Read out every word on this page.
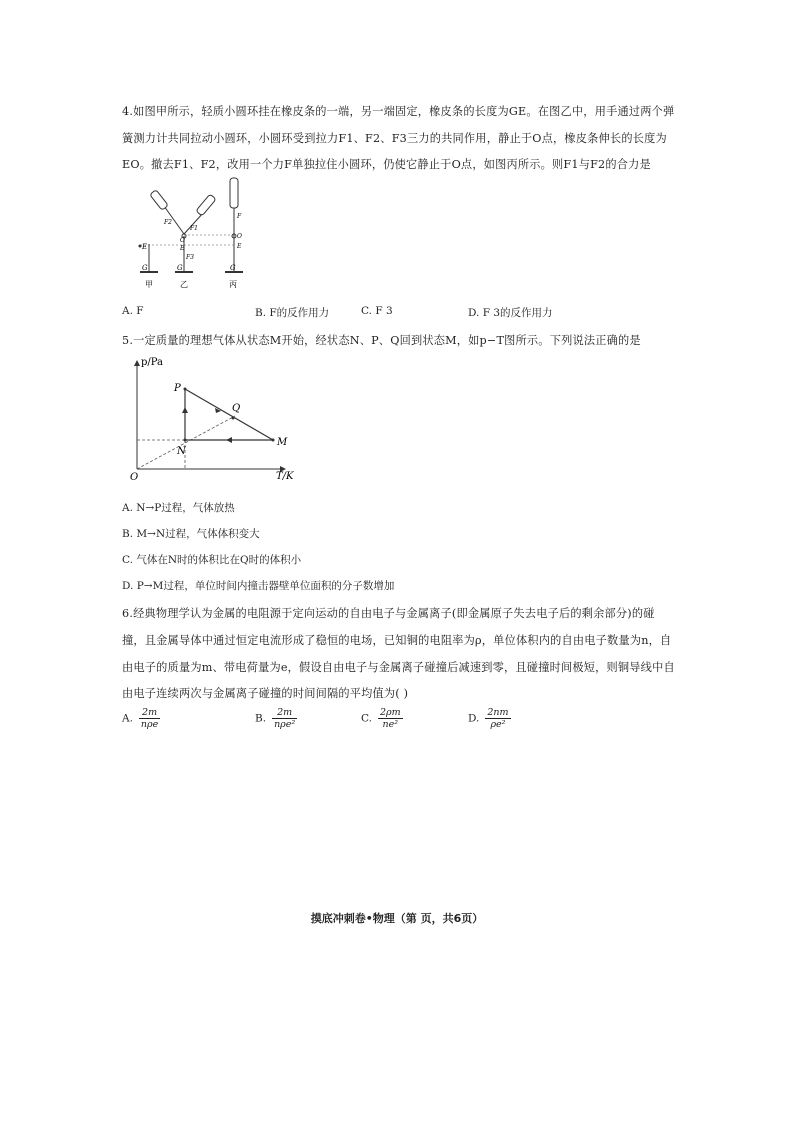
4.如图甲所示，轻质小圆环挂在橡皮条的一端，另一端固定，橡皮条的长度为GE。在图乙中，用手通过两个弹
簧测力计共同拉动小圆环，小圆环受到拉力F1、F2、F3三力的共同作用，静止于O点，橡皮条伸长的长度为
EO。撤去F1、F2，改用一个力F单独拉住小圆环，仍使它静止于O点，如图丙所示。则F1与F2的合力是
E
G
F2
F1
O
E
F3
G
F
O
E
G
甲	乙	丙
A. F	B. F的反作用力	C. F 3	D. F 3的反作用力
5.一定质量的理想气体从状态M开始，经状态N、P、Q回到状态M，如p−T图所示。下列说法正确的是
p/Pa
T/K
O
P
Q
M
N
A. N→P过程，气体放热
B. M→N过程，气体体积变大
C. 气体在N时的体积比在Q时的体积小
D. P→M过程，单位时间内撞击器壁单位面积的分子数增加
6.经典物理学认为金属的电阻源于定向运动的自由电子与金属离子(即金属原子失去电子后的剩余部分)的碰
撞，且金属导体中通过恒定电流形成了稳恒的电场，已知铜的电阻率为ρ，单位体积内的自由电子数量为n，自
由电子的质量为m、带电荷量为e，假设自由电子与金属离子碰撞后减速到零，且碰撞时间极短，则铜导线中自
由电子连续两次与金属离子碰撞的时间间隔的平均值为( )
A. $\frac{2m}{\text{nρe}}$	B. $\frac{2m}{\text{nρe²}}$	C. $\frac{2\rho m}{\text{ne²}}$	D. $\frac{2nm}{\text{ρe²}}$
摸底冲刺卷•物理（第 页，共6页）
